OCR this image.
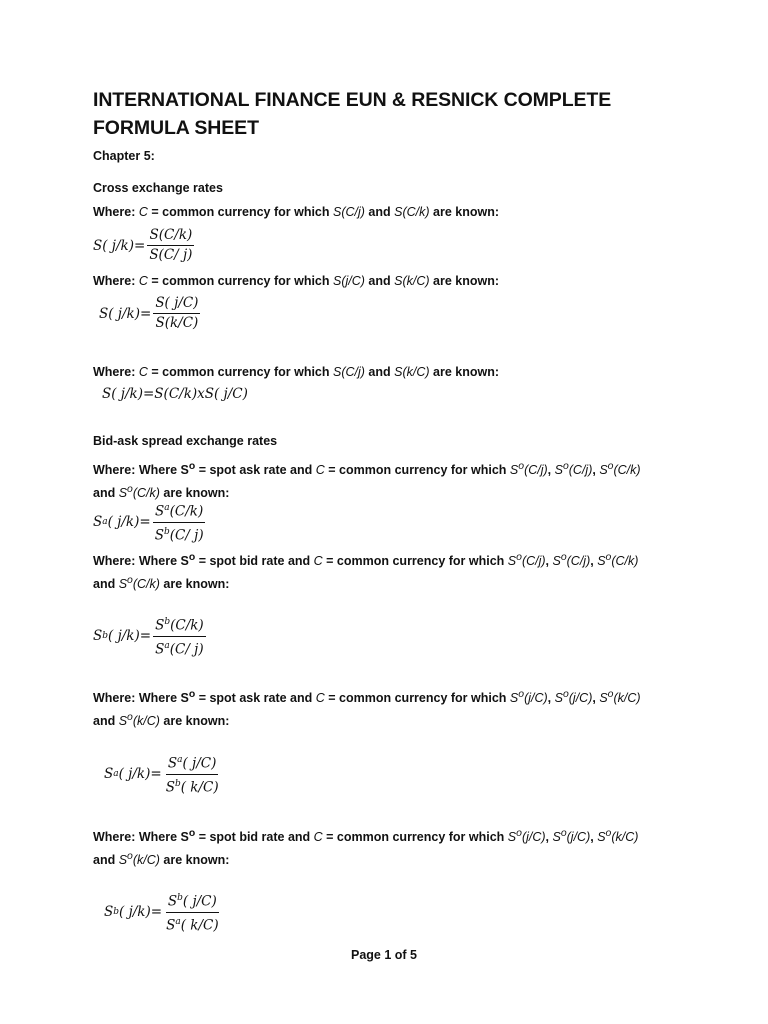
INTERNATIONAL FINANCE EUN & RESNICK COMPLETE FORMULA SHEET
Chapter 5:
Cross exchange rates
Where: C = common currency for which S(C/j) and S(C/k) are known:
S( $j/k)= \frac{S(C/k)}{S(C/ j)}$
Where: C = common currency for which S(j/C) and S(k/C) are known:
S( $j/k)= \frac{S( j/C)}{S(k/C)}$
Where: C = common currency for which S(C/j) and S(k/C) are known:
S( j/k)=S(C/k)xS( j/C)
Bid-ask spread exchange rates
Where: Where $S^o$ = spot ask rate and C = common currency for which $S^o(C/j)$, $S^o(C/j)$, $S^o(C/k)$ and $S^o(C/k)$ are known:
S a ( $j/k)= \frac{S^a(C/k)}{S^b(C/ j)}$
Where: Where $S^o$ = spot bid rate and C = common currency for which $S^o(C/j)$, $S^o(C/j)$, $S^o(C/k)$ and $S^o(C/k)$ are known:
S b ( $j/k)= \frac{S^b(C/k)}{S^a(C/ j)}$
Where: Where $S^o$ = spot ask rate and C = common currency for which $S^o(j/C)$, $S^o(j/C)$, $S^o(k/C)$ and $S^o(k/C)$ are known:
S a ( $j/k)= \frac{S^a( j/C)}{S^b( k/C)}$
Where: Where $S^o$ = spot bid rate and C = common currency for which $S^o(j/C)$, $S^o(j/C)$, $S^o(k/C)$ and $S^o(k/C)$ are known:
S b ( $j/k)= \frac{S^b( j/C)}{S^a( k/C)}$
Page 1 of 5
